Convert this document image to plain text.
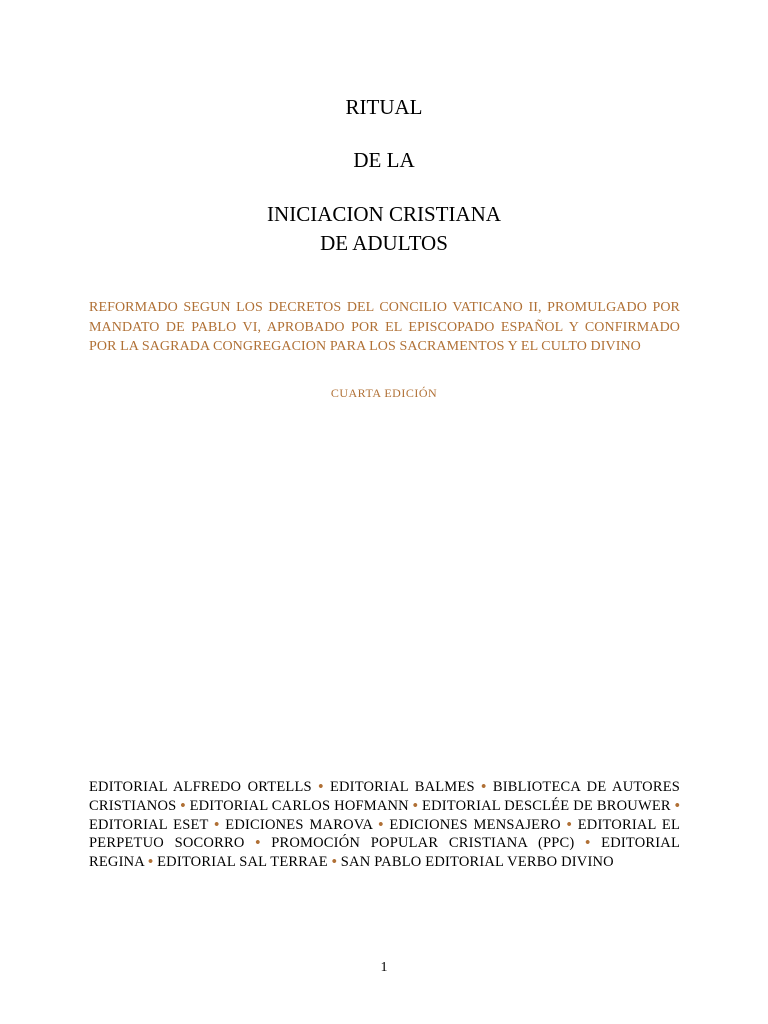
RITUAL
DE LA
INICIACION CRISTIANA
DE ADULTOS
REFORMADO SEGUN LOS DECRETOS DEL CONCILIO VATICANO II, PROMULGADO POR MANDATO DE PABLO VI, APROBADO POR EL EPISCOPADO ESPAÑOL Y CONFIRMADO POR LA SAGRADA CONGREGACION PARA LOS SACRAMENTOS Y EL CULTO DIVINO
CUARTA EDICIÓN
EDITORIAL ALFREDO ORTELLS • EDITORIAL BALMES • BIBLIOTECA DE AUTORES CRISTIANOS • EDITORIAL CARLOS HOFMANN • EDITORIAL DESCLÉE DE BROUWER • EDITORIAL ESET • EDICIONES MAROVA • EDICIONES MENSAJERO • EDITORIAL EL PERPETUO SOCORRO • PROMOCIÓN POPULAR CRISTIANA (PPC) • EDITORIAL REGINA • EDITORIAL SAL TERRAE • SAN PABLO EDITORIAL VERBO DIVINO
1
